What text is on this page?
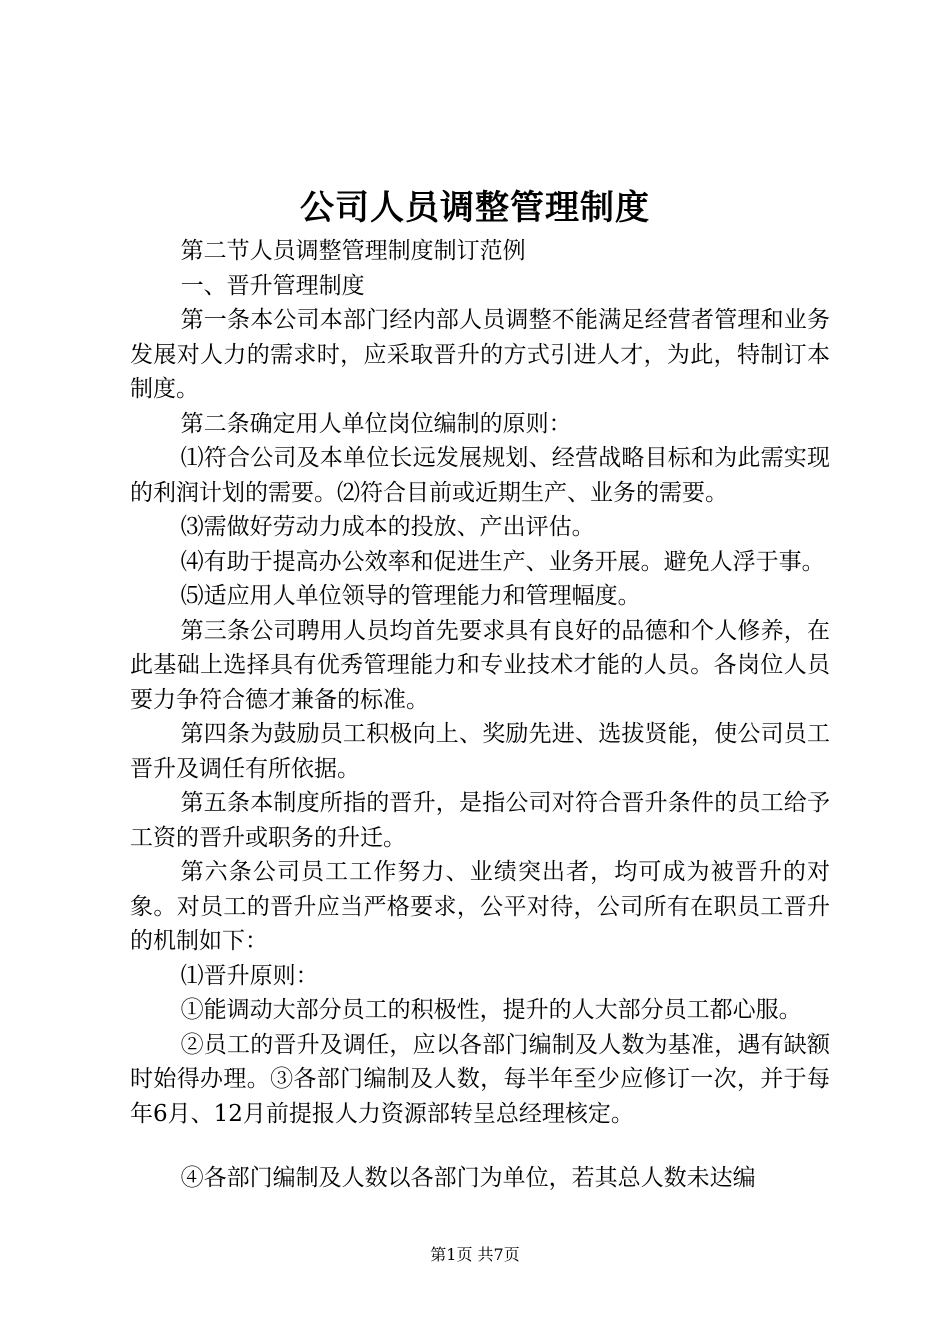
公司人员调整管理制度

第二节人员调整管理制度制订范例

一、晋升管理制度

第一条本公司本部门经内部人员调整不能满足经营者管理和业务发展对人力的需求时，应采取晋升的方式引进人才，为此，特制订本制度。

第二条确定用人单位岗位编制的原则：

⑴符合公司及本单位长远发展规划、经营战略目标和为此需实现的利润计划的需要。⑵符合目前或近期生产、业务的需要。

⑶需做好劳动力成本的投放、产出评估。

⑷有助于提高办公效率和促进生产、业务开展。避免人浮于事。

⑸适应用人单位领导的管理能力和管理幅度。

第三条公司聘用人员均首先要求具有良好的品德和个人修养，在此基础上选择具有优秀管理能力和专业技术才能的人员。各岗位人员要力争符合德才兼备的标准。

第四条为鼓励员工积极向上、奖励先进、选拔贤能，使公司员工晋升及调任有所依据。

第五条本制度所指的晋升，是指公司对符合晋升条件的员工给予工资的晋升或职务的升迁。

第六条公司员工工作努力、业绩突出者，均可成为被晋升的对象。对员工的晋升应当严格要求，公平对待，公司所有在职员工晋升的机制如下：

⑴晋升原则：

①能调动大部分员工的积极性，提升的人大部分员工都心服。

②员工的晋升及调任，应以各部门编制及人数为基准，遇有缺额时始得办理。③各部门编制及人数，每半年至少应修订一次，并于每年6月、12月前提报人力资源部转呈总经理核定。

④各部门编制及人数以各部门为单位，若其总人数未达编

第1页 共7页
